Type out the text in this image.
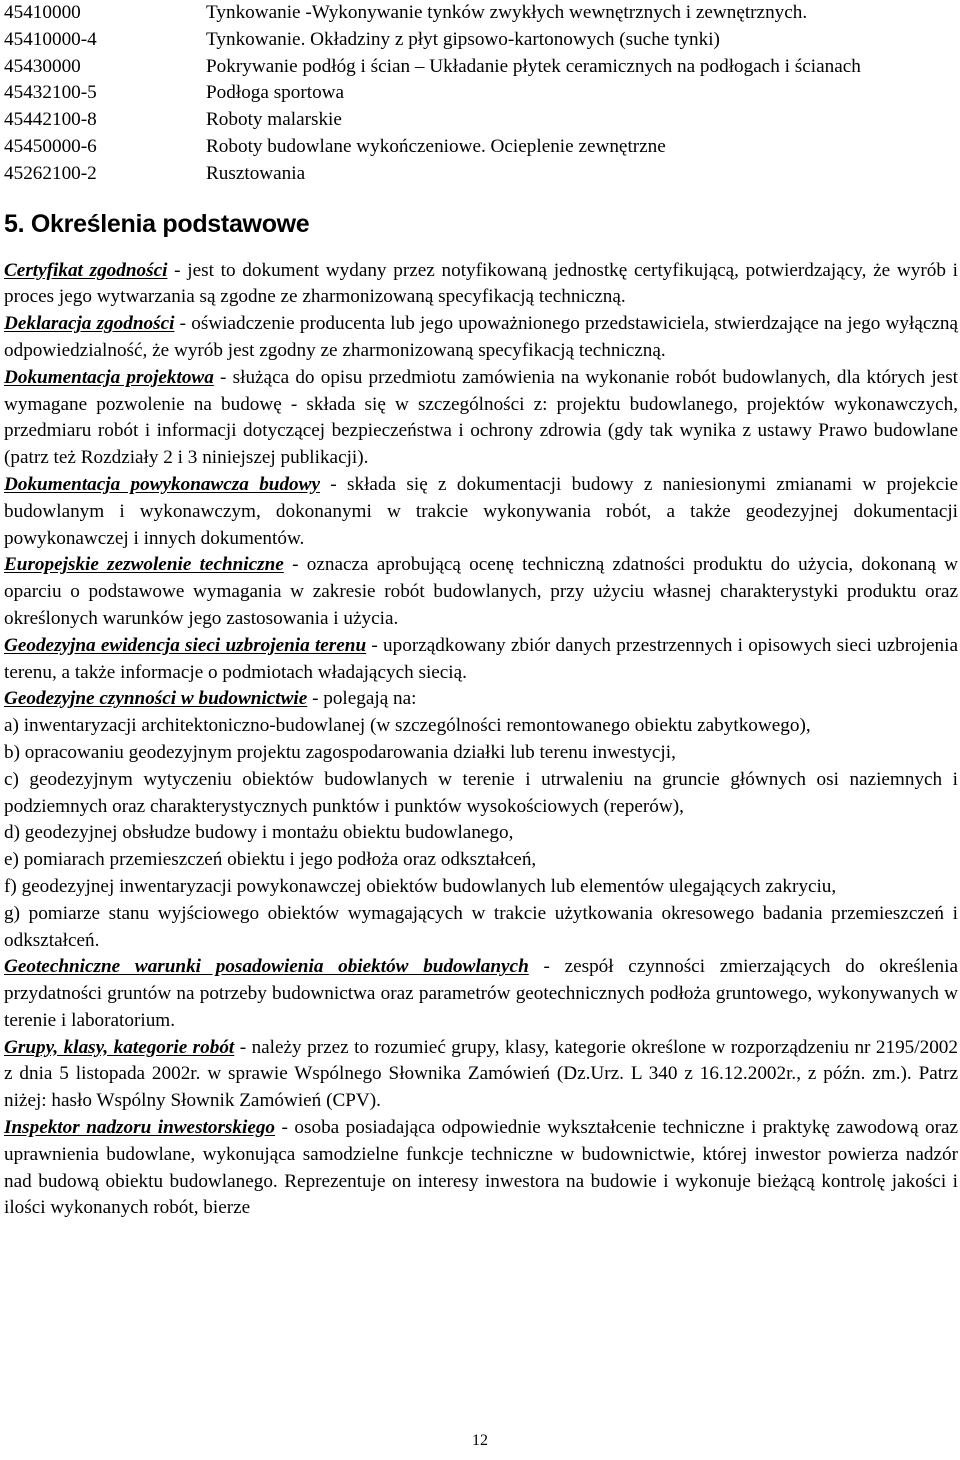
45410000	Tynkowanie -Wykonywanie tynków zwykłych wewnętrznych i zewnętrznych.
45410000-4	Tynkowanie. Okładziny z płyt gipsowo-kartonowych (suche tynki)
45430000	Pokrywanie podłóg i ścian – Układanie płytek ceramicznych na podłogach i ścianach
45432100-5	Podłoga sportowa
45442100-8	Roboty malarskie
45450000-6	Roboty budowlane wykończeniowe. Ocieplenie zewnętrzne
45262100-2	Rusztowania
5. Określenia podstawowe

Certyfikat zgodności - jest to dokument wydany przez notyfikowaną jednostkę certyfikującą, potwierdzający, że wyrób i proces jego wytwarzania są zgodne ze zharmonizowaną specyfikacją techniczną.

Deklaracja zgodności - oświadczenie producenta lub jego upoważnionego przedstawiciela, stwierdzające na jego wyłączną odpowiedzialność, że wyrób jest zgodny ze zharmonizowaną specyfikacją techniczną.

Dokumentacja projektowa - służąca do opisu przedmiotu zamówienia na wykonanie robót budowlanych, dla których jest wymagane pozwolenie na budowę - składa się w szczególności z: projektu budowlanego, projektów wykonawczych, przedmiaru robót i informacji dotyczącej bezpieczeństwa i ochrony zdrowia (gdy tak wynika z ustawy Prawo budowlane (patrz też Rozdziały 2 i 3 niniejszej publikacji).

Dokumentacja powykonawcza budowy - składa się z dokumentacji budowy z naniesionymi zmianami w projekcie budowlanym i wykonawczym, dokonanymi w trakcie wykonywania robót, a także geodezyjnej dokumentacji powykonawczej i innych dokumentów.

Europejskie zezwolenie techniczne - oznacza aprobującą ocenę techniczną zdatności produktu do użycia, dokonaną w oparciu o podstawowe wymagania w zakresie robót budowlanych, przy użyciu własnej charakterystyki produktu oraz określonych warunków jego zastosowania i użycia.

Geodezyjna ewidencja sieci uzbrojenia terenu - uporządkowany zbiór danych przestrzennych i opisowych sieci uzbrojenia terenu, a także informacje o podmiotach władających siecią.

Geodezyjne czynności w budownictwie - polegają na:

a) inwentaryzacji architektoniczno-budowlanej (w szczególności remontowanego obiektu zabytkowego),

b) opracowaniu geodezyjnym projektu zagospodarowania działki lub terenu inwestycji,

c) geodezyjnym wytyczeniu obiektów budowlanych w terenie i utrwaleniu na gruncie głównych osi naziemnych i podziemnych oraz charakterystycznych punktów i punktów wysokościowych (reperów),

d) geodezyjnej obsłudze budowy i montażu obiektu budowlanego,

e) pomiarach przemieszczeń obiektu i jego podłoża oraz odkształceń,

f) geodezyjnej inwentaryzacji powykonawczej obiektów budowlanych lub elementów ulegających zakryciu,

g) pomiarze stanu wyjściowego obiektów wymagających w trakcie użytkowania okresowego badania przemieszczeń i odkształceń.

Geotechniczne warunki posadowienia obiektów budowlanych - zespół czynności zmierzających do określenia przydatności gruntów na potrzeby budownictwa oraz parametrów geotechnicznych podłoża gruntowego, wykonywanych w terenie i laboratorium.

Grupy, klasy, kategorie robót - należy przez to rozumieć grupy, klasy, kategorie określone w rozporządzeniu nr 2195/2002 z dnia 5 listopada 2002r. w sprawie Wspólnego Słownika Zamówień (Dz.Urz. L 340 z 16.12.2002r., z późn. zm.). Patrz niżej: hasło Wspólny Słownik Zamówień (CPV).

Inspektor nadzoru inwestorskiego - osoba posiadająca odpowiednie wykształcenie techniczne i praktykę zawodową oraz uprawnienia budowlane, wykonująca samodzielne funkcje techniczne w budownictwie, której inwestor powierza nadzór nad budową obiektu budowlanego. Reprezentuje on interesy inwestora na budowie i wykonuje bieżącą kontrolę jakości i ilości wykonanych robót, bierze

12
